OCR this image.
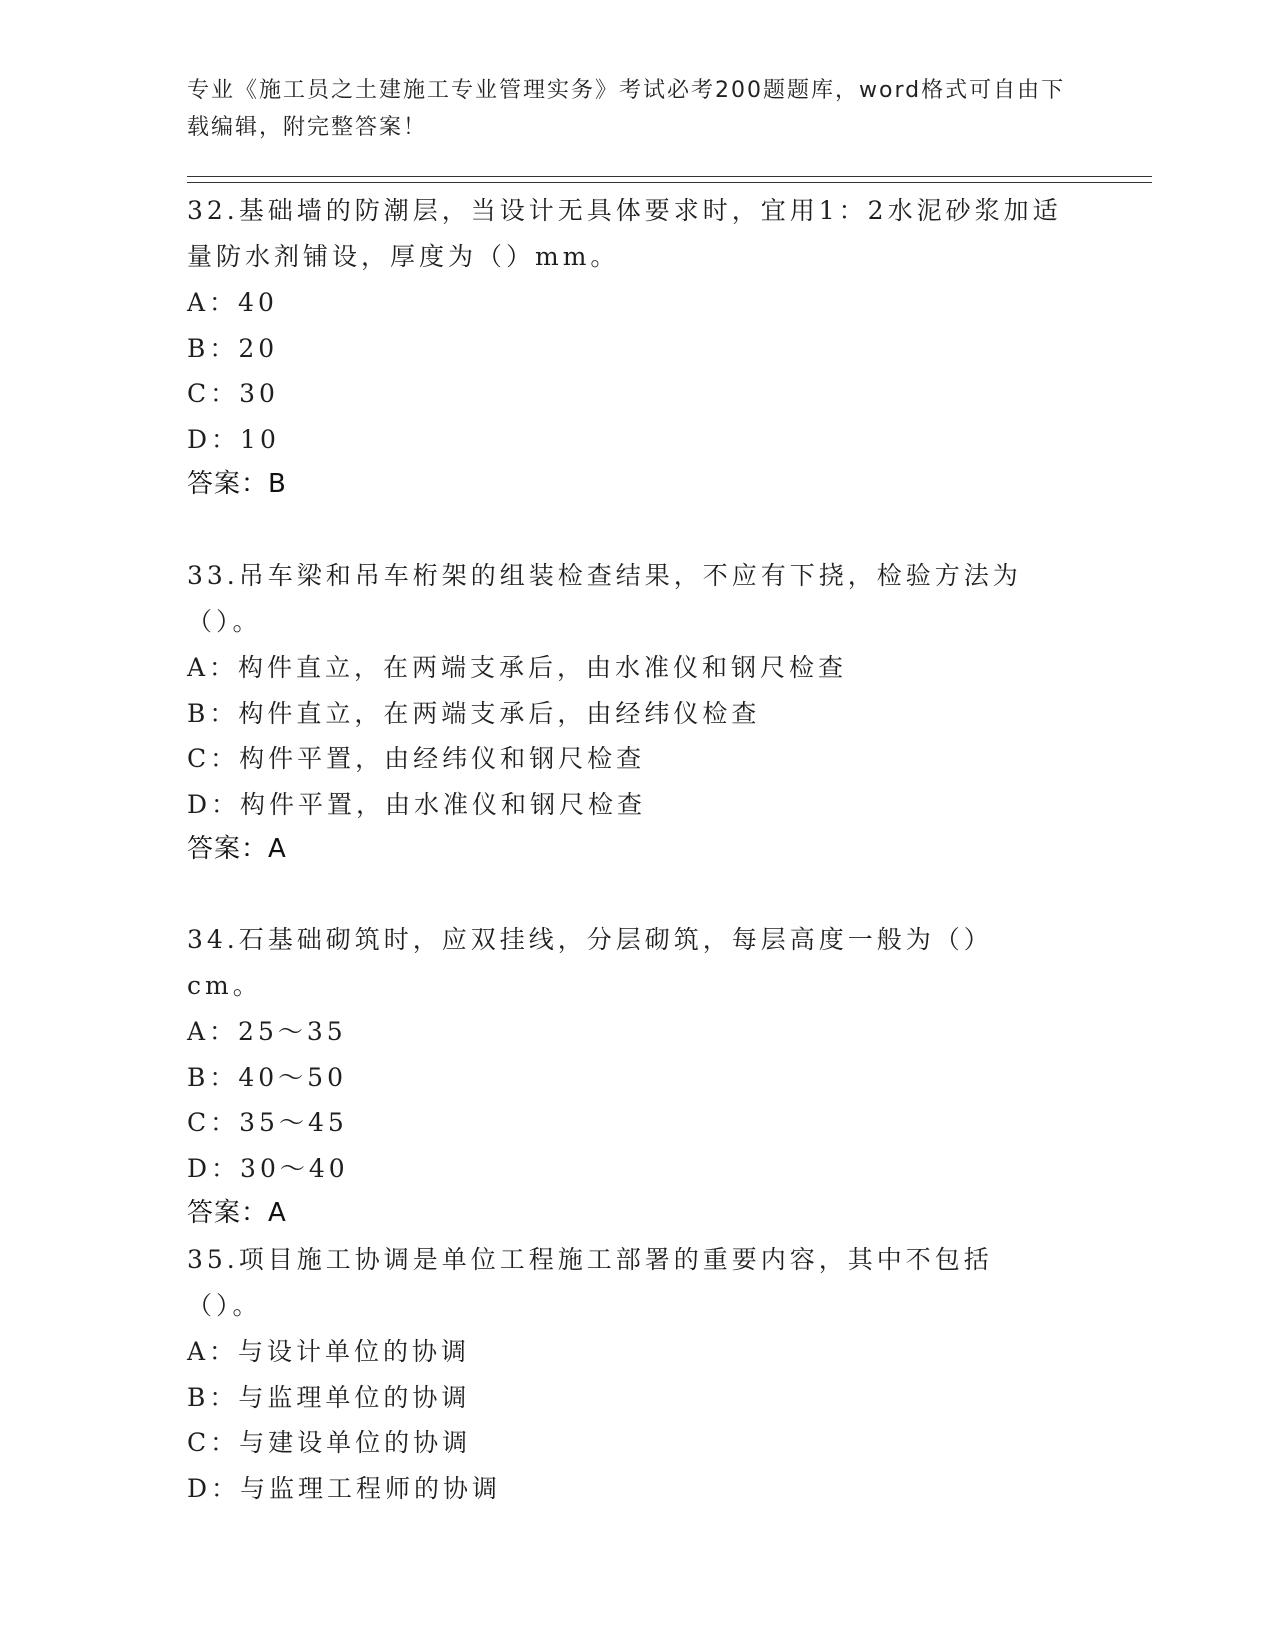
专业《施工员之土建施工专业管理实务》考试必考200题题库，word格式可自由下载编辑，附完整答案！
32.基础墙的防潮层，当设计无具体要求时，宜用1：2水泥砂浆加适量防水剂铺设，厚度为（）mm。
A：40
B：20
C：30
D：10
答案：B
33.吊车梁和吊车桁架的组装检查结果，不应有下挠，检验方法为（）。
A：构件直立，在两端支承后，由水准仪和钢尺检查
B：构件直立，在两端支承后，由经纬仪检查
C：构件平置，由经纬仪和钢尺检查
D：构件平置，由水准仪和钢尺检查
答案：A
34.石基础砌筑时，应双挂线，分层砌筑，每层高度一般为（）cm。
A：25～35
B：40～50
C：35～45
D：30～40
答案：A
35.项目施工协调是单位工程施工部署的重要内容，其中不包括（）。
A：与设计单位的协调
B：与监理单位的协调
C：与建设单位的协调
D：与监理工程师的协调
